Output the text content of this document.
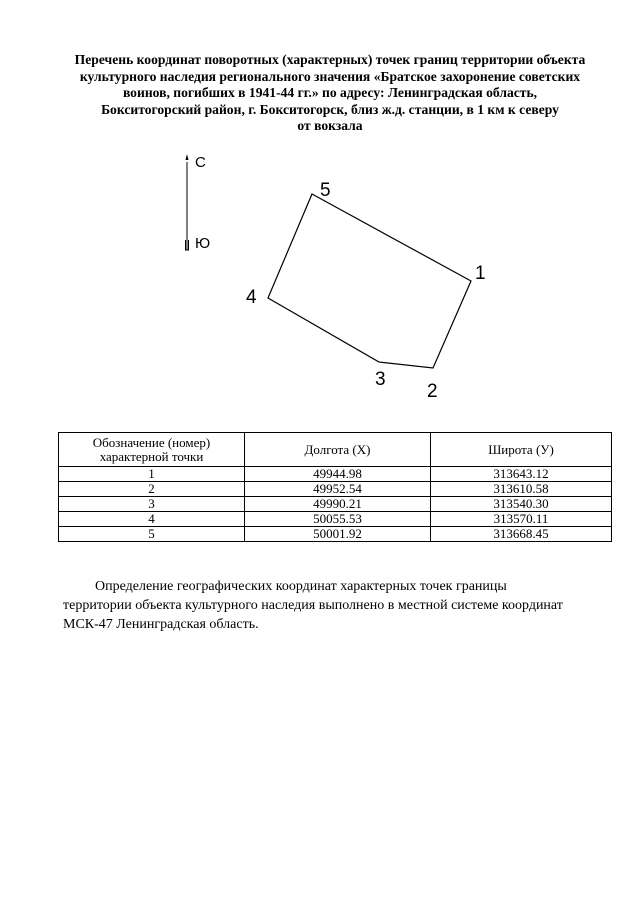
Перечень координат поворотных (характерных) точек границ территории объекта
культурного наследия регионального значения «Братское захоронение советских
воинов, погибших в 1941-44 гг.» по адресу: Ленинградская область,
Бокситогорский район, г. Бокситогорск, близ ж.д. станции, в 1 км к северу
от вокзала
С
Ю
1
2
3
4
5
Обозначение (номер) характерной точки	Долгота (X)	Широта (У)
1	49944.98	313643.12
2	49952.54	313610.58
3	49990.21	313540.30
4	50055.53	313570.11
5	50001.92	313668.45
Определение географических координат характерных точек границы
территории объекта культурного наследия выполнено в местной системе координат
МСК-47 Ленинградская область.
